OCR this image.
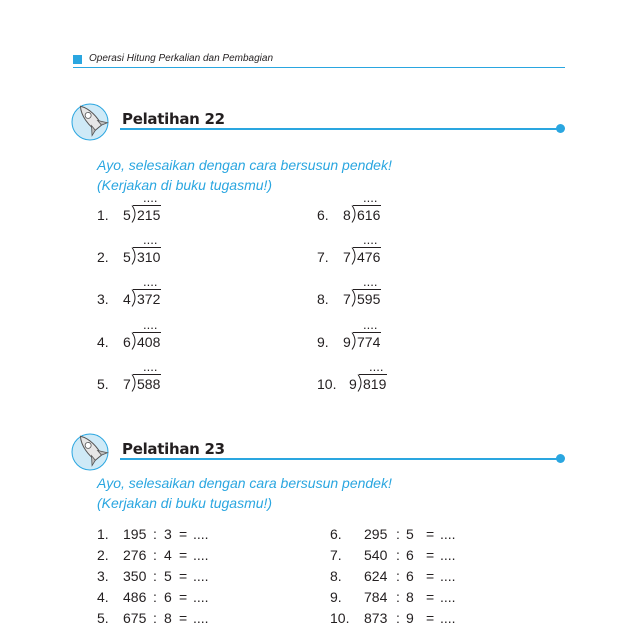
Operasi Hitung Perkalian dan Pembagian
Pelatihan 22
Ayo, selesaikan dengan cara bersusun pendek!
(Kerjakan di buku tugasmu!)
1. 5
....
215
2. 5
....
310
3. 4
....
372
4. 6
....
408
5. 7
....
588
6. 8
....
616
7. 7
....
476
8. 7
....
595
9. 9
....
774
10. 9
....
819
Pelatihan 23
Ayo, selesaikan dengan cara bersusun pendek!
(Kerjakan di buku tugasmu!)
1. 195 : 3 = ....
2. 276 : 4 = ....
3. 350 : 5 = ....
4. 486 : 6 = ....
5. 675 : 8 = ....
6. 295 : 5 = ....
7. 540 : 6 = ....
8. 624 : 6 = ....
9. 784 : 8 = ....
10. 873 : 9 = ....
